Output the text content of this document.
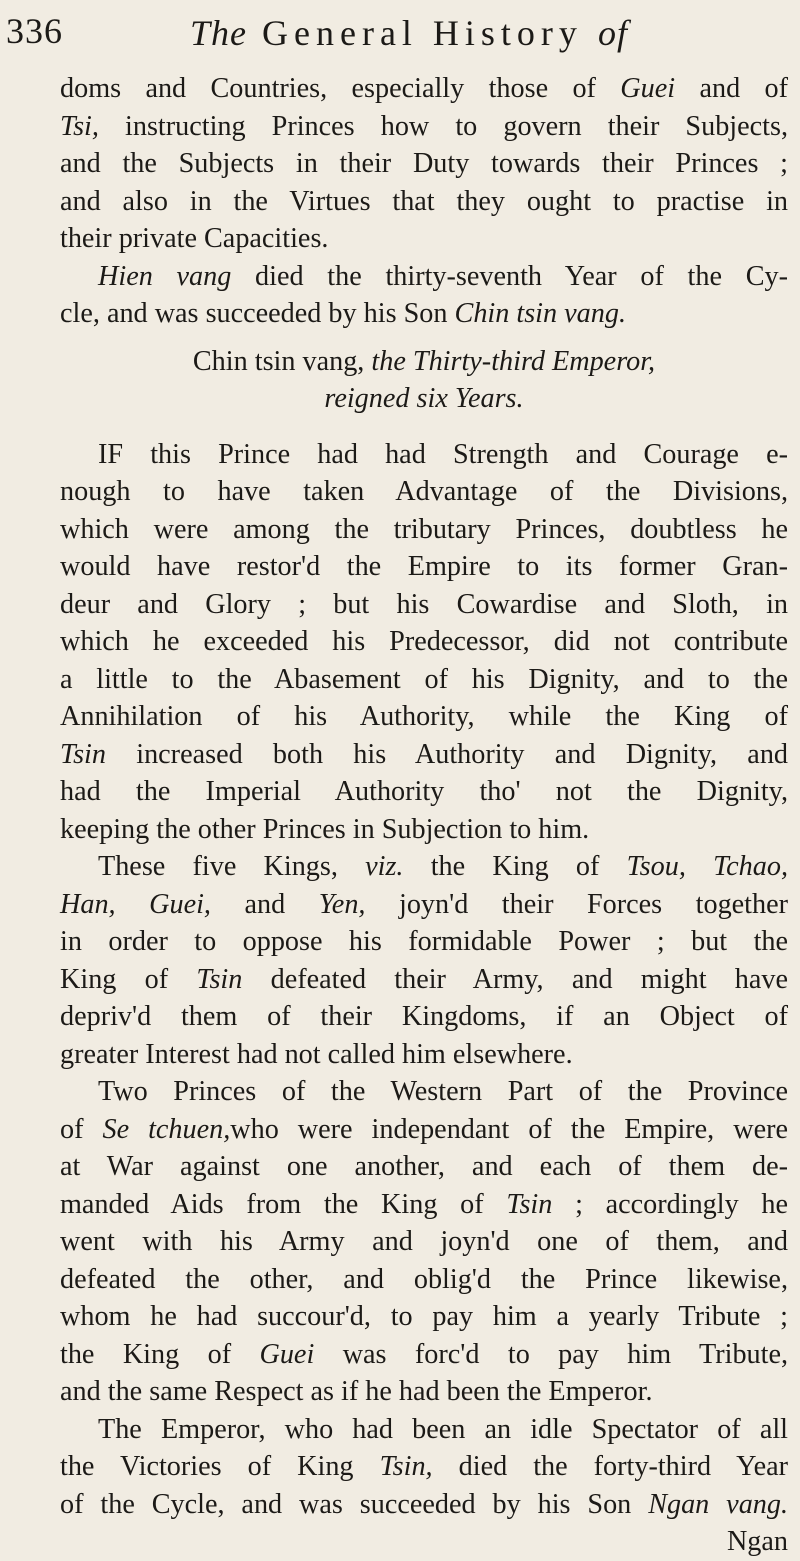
336	The General History of
doms and Countries, especially those of Guei and of
Tsi, instructing Princes how to govern their Subjects,
and the Subjects in their Duty towards their Princes ;
and also in the Virtues that they ought to practise in
their private Capacities.
Hien vang died the thirty-seventh Year of the Cy-
cle, and was succeeded by his Son Chin tsin vang.
Chin tsin vang, the Thirty-third Emperor,
reigned six Years.
IF this Prince had had Strength and Courage e-
nough to have taken Advantage of the Divisions,
which were among the tributary Princes, doubtless he
would have restor'd the Empire to its former Gran-
deur and Glory ; but his Cowardise and Sloth, in
which he exceeded his Predecessor, did not contribute
a little to the Abasement of his Dignity, and to the
Annihilation of his Authority, while the King of
Tsin increased both his Authority and Dignity, and
had the Imperial Authority tho' not the Dignity,
keeping the other Princes in Subjection to him.
These five Kings, viz. the King of Tsou, Tchao,
Han, Guei, and Yen, joyn'd their Forces together
in order to oppose his formidable Power ; but the
King of Tsin defeated their Army, and might have
depriv'd them of their Kingdoms, if an Object of
greater Interest had not called him elsewhere.
Two Princes of the Western Part of the Province
of Se tchuen,who were independant of the Empire, were
at War against one another, and each of them de-
manded Aids from the King of Tsin ; accordingly he
went with his Army and joyn'd one of them, and
defeated the other, and oblig'd the Prince likewise,
whom he had succour'd, to pay him a yearly Tribute ;
the King of Guei was forc'd to pay him Tribute,
and the same Respect as if he had been the Emperor.
The Emperor, who had been an idle Spectator of all
the Victories of King Tsin, died the forty-third Year
of the Cycle, and was succeeded by his Son Ngan vang.
Ngan
